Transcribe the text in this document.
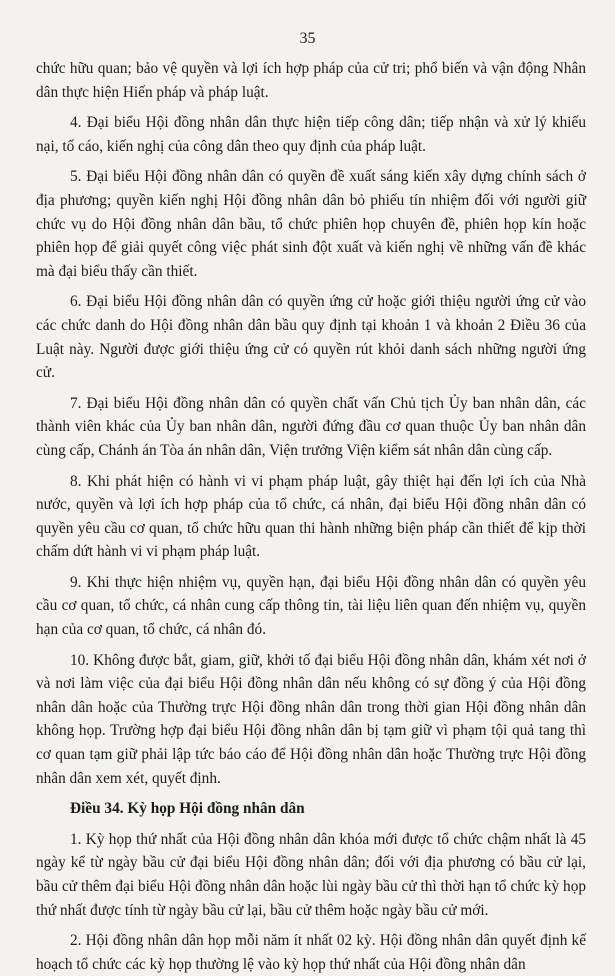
35

chức hữu quan; bảo vệ quyền và lợi ích hợp pháp của cử tri; phổ biến và vận động Nhân dân thực hiện Hiến pháp và pháp luật.

4. Đại biểu Hội đồng nhân dân thực hiện tiếp công dân; tiếp nhận và xử lý khiếu nại, tố cáo, kiến nghị của công dân theo quy định của pháp luật.

5. Đại biểu Hội đồng nhân dân có quyền đề xuất sáng kiến xây dựng chính sách ở địa phương; quyền kiến nghị Hội đồng nhân dân bỏ phiếu tín nhiệm đối với người giữ chức vụ do Hội đồng nhân dân bầu, tổ chức phiên họp chuyên đề, phiên họp kín hoặc phiên họp để giải quyết công việc phát sinh đột xuất và kiến nghị về những vấn đề khác mà đại biểu thấy cần thiết.

6. Đại biểu Hội đồng nhân dân có quyền ứng cử hoặc giới thiệu người ứng cử vào các chức danh do Hội đồng nhân dân bầu quy định tại khoản 1 và khoản 2 Điều 36 của Luật này. Người được giới thiệu ứng cử có quyền rút khỏi danh sách những người ứng cử.

7. Đại biểu Hội đồng nhân dân có quyền chất vấn Chủ tịch Ủy ban nhân dân, các thành viên khác của Ủy ban nhân dân, người đứng đầu cơ quan thuộc Ủy ban nhân dân cùng cấp, Chánh án Tòa án nhân dân, Viện trưởng Viện kiểm sát nhân dân cùng cấp.

8. Khi phát hiện có hành vi vi phạm pháp luật, gây thiệt hại đến lợi ích của Nhà nước, quyền và lợi ích hợp pháp của tổ chức, cá nhân, đại biểu Hội đồng nhân dân có quyền yêu cầu cơ quan, tổ chức hữu quan thi hành những biện pháp cần thiết để kịp thời chấm dứt hành vi vi phạm pháp luật.

9. Khi thực hiện nhiệm vụ, quyền hạn, đại biểu Hội đồng nhân dân có quyền yêu cầu cơ quan, tổ chức, cá nhân cung cấp thông tin, tài liệu liên quan đến nhiệm vụ, quyền hạn của cơ quan, tổ chức, cá nhân đó.

10. Không được bắt, giam, giữ, khởi tố đại biểu Hội đồng nhân dân, khám xét nơi ở và nơi làm việc của đại biểu Hội đồng nhân dân nếu không có sự đồng ý của Hội đồng nhân dân hoặc của Thường trực Hội đồng nhân dân trong thời gian Hội đồng nhân dân không họp. Trường hợp đại biểu Hội đồng nhân dân bị tạm giữ vì phạm tội quả tang thì cơ quan tạm giữ phải lập tức báo cáo để Hội đồng nhân dân hoặc Thường trực Hội đồng nhân dân xem xét, quyết định.

Điều 34. Kỳ họp Hội đồng nhân dân

1. Kỳ họp thứ nhất của Hội đồng nhân dân khóa mới được tổ chức chậm nhất là 45 ngày kể từ ngày bầu cử đại biểu Hội đồng nhân dân; đối với địa phương có bầu cử lại, bầu cử thêm đại biểu Hội đồng nhân dân hoặc lùi ngày bầu cử thì thời hạn tổ chức kỳ họp thứ nhất được tính từ ngày bầu cử lại, bầu cử thêm hoặc ngày bầu cử mới.

2. Hội đồng nhân dân họp mỗi năm ít nhất 02 kỳ. Hội đồng nhân dân quyết định kế hoạch tổ chức các kỳ họp thường lệ vào kỳ họp thứ nhất của Hội đồng nhân dân
